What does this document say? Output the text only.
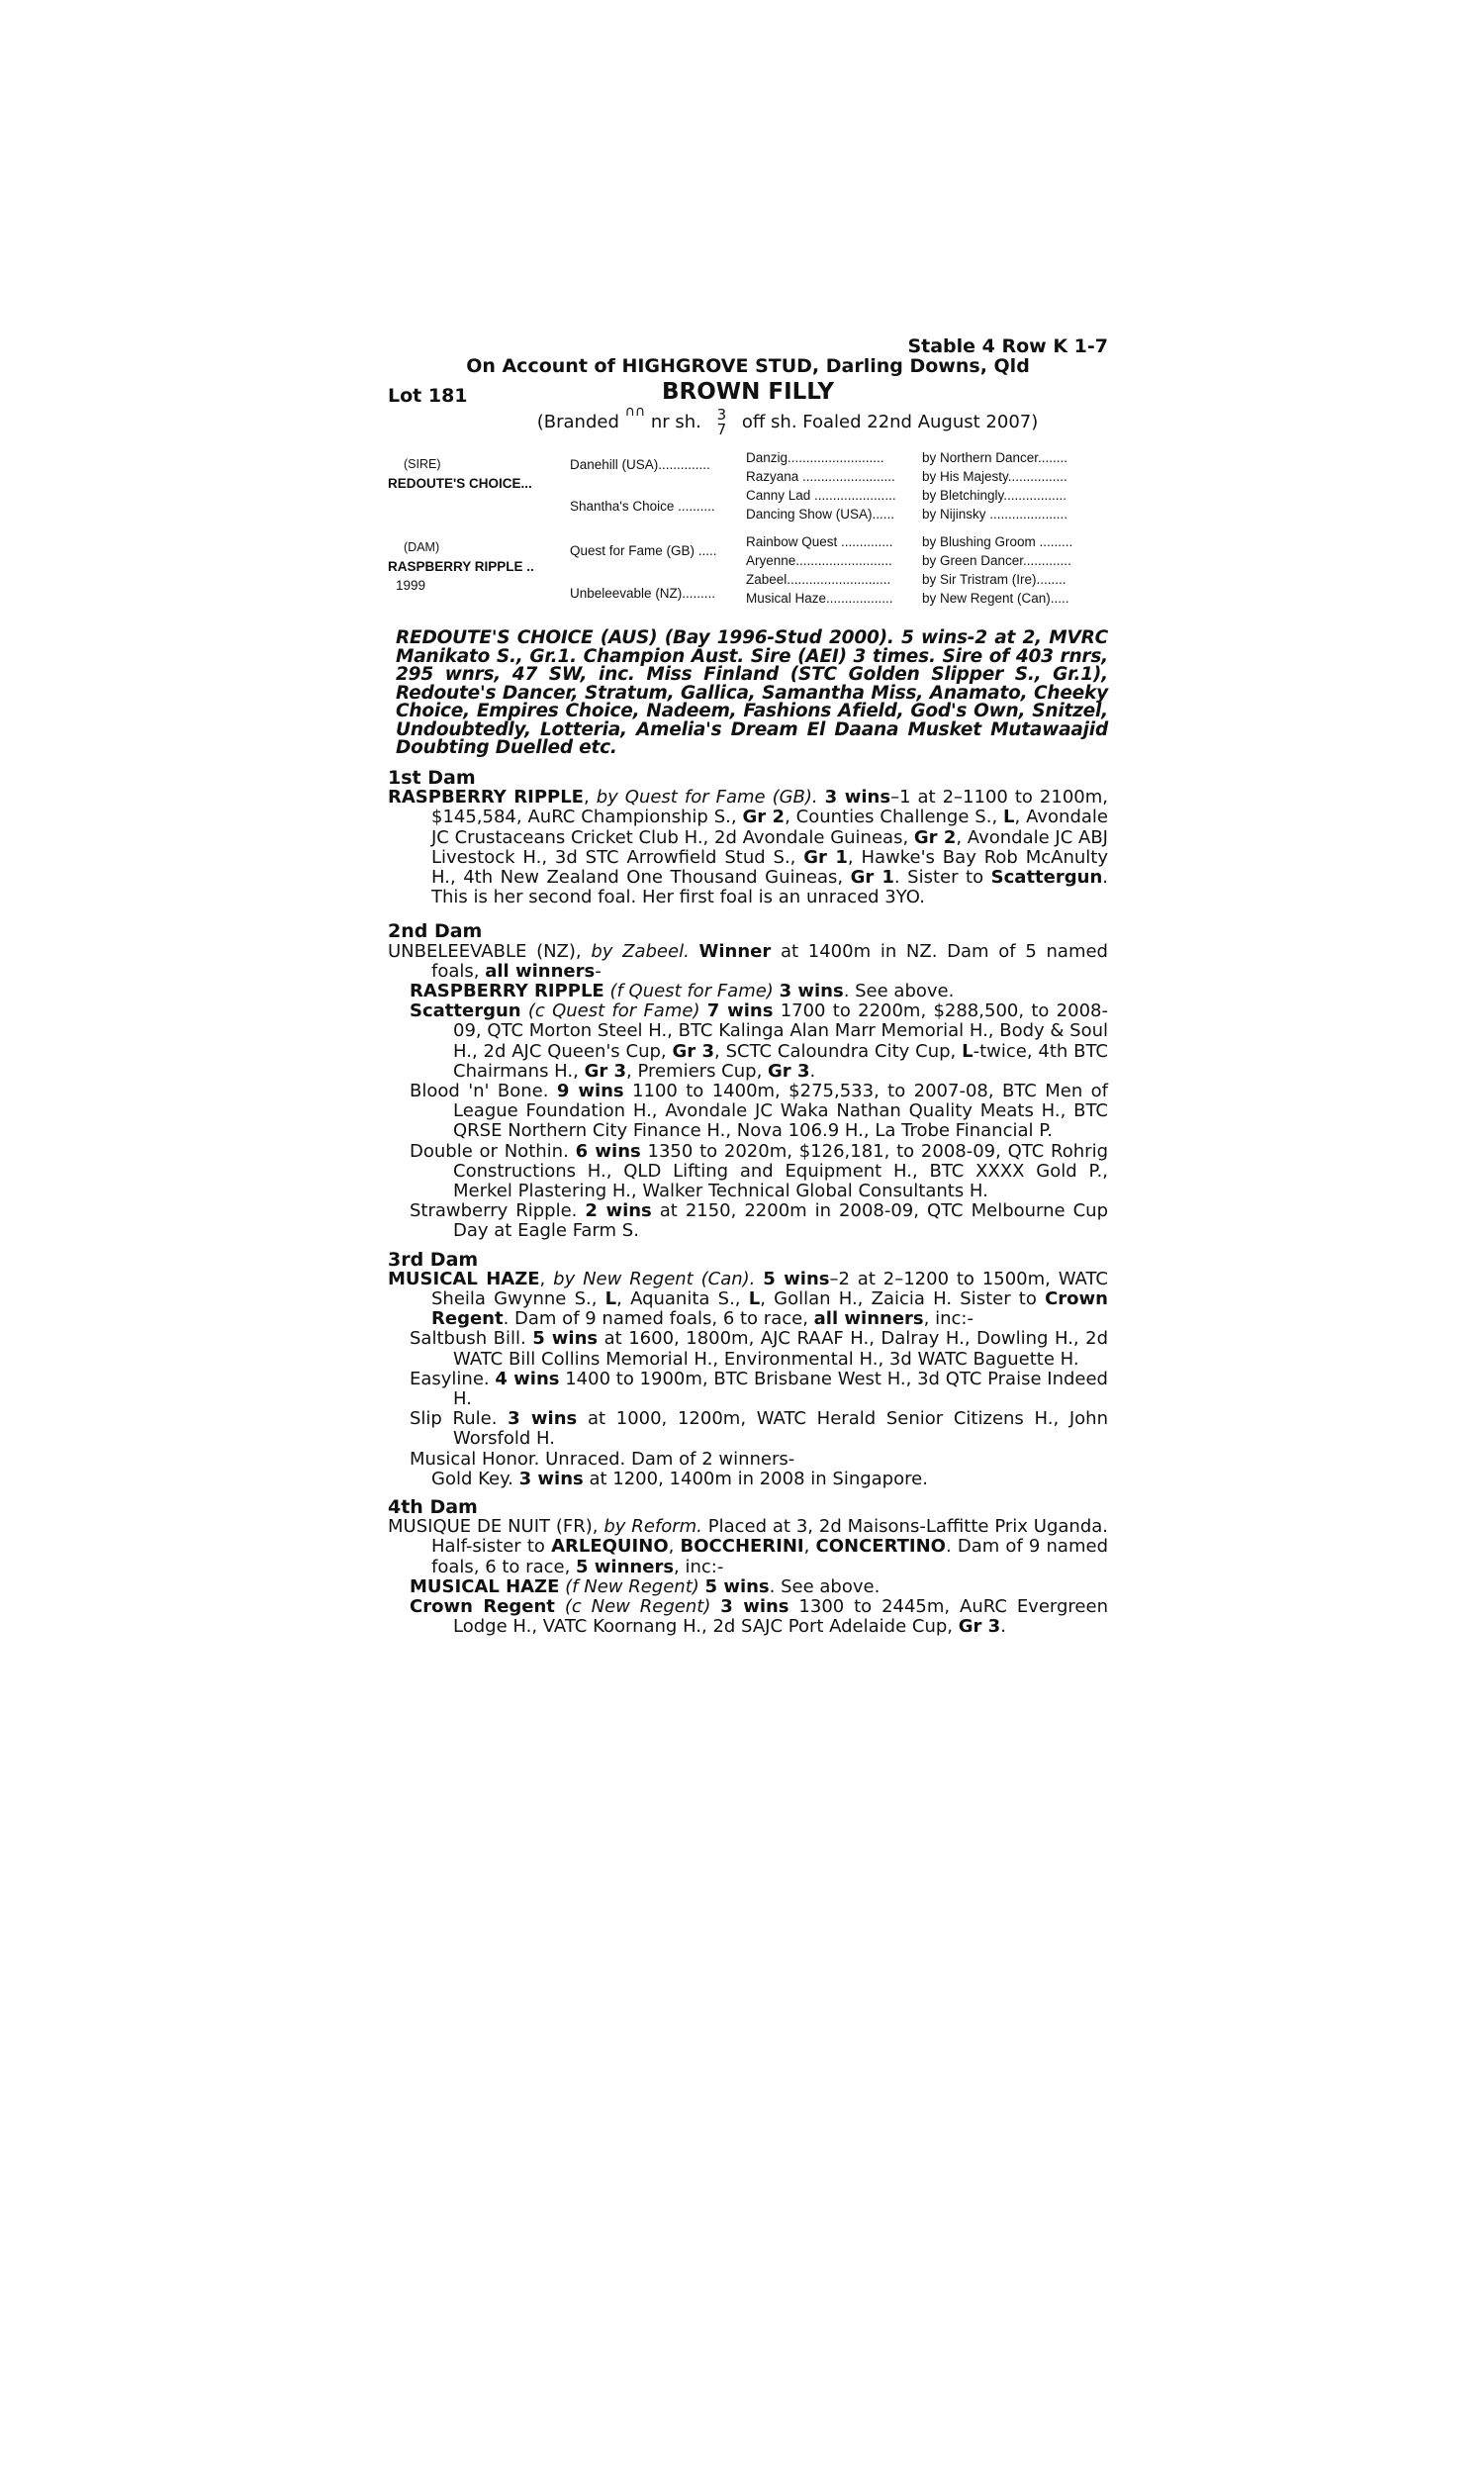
Stable 4 Row K 1-7
On Account of HIGHGROVE STUD, Darling Downs, Qld
Lot 181	BROWN FILLY
(Branded ∩∩ nr sh. 3
7 off sh. Foaled 22nd August 2007)
(SIRE)
REDOUTE'S CHOICE...
(DAM)
RASPBERRY RIPPLE ..
1999
Danehill (USA)..............
Shantha's Choice ..........
Quest for Fame (GB) .....
Unbeleevable (NZ).........
Danzig..........................
Razyana .........................
Canny Lad ......................
Dancing Show (USA)......
Rainbow Quest ..............
Aryenne..........................
Zabeel............................
Musical Haze..................
by Northern Dancer........
by His Majesty................
by Bletchingly.................
by Nijinsky .....................
by Blushing Groom .........
by Green Dancer.............
by Sir Tristram (Ire)........
by New Regent (Can).....
REDOUTE'S CHOICE (AUS) (Bay 1996-Stud 2000). 5 wins-2 at 2, MVRC Manikato S., Gr.1. Champion Aust. Sire (AEI) 3 times. Sire of 403 rnrs, 295 wnrs, 47 SW, inc. Miss Finland (STC Golden Slipper S., Gr.1), Redoute's Dancer, Stratum, Gallica, Samantha Miss, Anamato, Cheeky Choice, Empires Choice, Nadeem, Fashions Afield, God's Own, Snitzel, Undoubtedly, Lotteria, Amelia's Dream El Daana Musket Mutawaajid Doubting Duelled etc.
1st Dam
RASPBERRY RIPPLE, by Quest for Fame (GB). 3 wins–1 at 2–1100 to 2100m, $145,584, AuRC Championship S., Gr 2, Counties Challenge S., L, Avondale JC Crustaceans Cricket Club H., 2d Avondale Guineas, Gr 2, Avondale JC ABJ Livestock H., 3d STC Arrowfield Stud S., Gr 1, Hawke's Bay Rob McAnulty H., 4th New Zealand One Thousand Guineas, Gr 1. Sister to Scattergun. This is her second foal. Her first foal is an unraced 3YO.
2nd Dam
UNBELEEVABLE (NZ), by Zabeel. Winner at 1400m in NZ. Dam of 5 named foals, all winners-
RASPBERRY RIPPLE (f Quest for Fame) 3 wins. See above.
Scattergun (c Quest for Fame) 7 wins 1700 to 2200m, $288,500, to 2008-09, QTC Morton Steel H., BTC Kalinga Alan Marr Memorial H., Body & Soul H., 2d AJC Queen's Cup, Gr 3, SCTC Caloundra City Cup, L-twice, 4th BTC Chairmans H., Gr 3, Premiers Cup, Gr 3.
Blood 'n' Bone. 9 wins 1100 to 1400m, $275,533, to 2007-08, BTC Men of League Foundation H., Avondale JC Waka Nathan Quality Meats H., BTC QRSE Northern City Finance H., Nova 106.9 H., La Trobe Financial P.
Double or Nothin. 6 wins 1350 to 2020m, $126,181, to 2008-09, QTC Rohrig Constructions H., QLD Lifting and Equipment H., BTC XXXX Gold P., Merkel Plastering H., Walker Technical Global Consultants H.
Strawberry Ripple. 2 wins at 2150, 2200m in 2008-09, QTC Melbourne Cup Day at Eagle Farm S.
3rd Dam
MUSICAL HAZE, by New Regent (Can). 5 wins–2 at 2–1200 to 1500m, WATC Sheila Gwynne S., L, Aquanita S., L, Gollan H., Zaicia H. Sister to Crown Regent. Dam of 9 named foals, 6 to race, all winners, inc:-
Saltbush Bill. 5 wins at 1600, 1800m, AJC RAAF H., Dalray H., Dowling H., 2d WATC Bill Collins Memorial H., Environmental H., 3d WATC Baguette H.
Easyline. 4 wins 1400 to 1900m, BTC Brisbane West H., 3d QTC Praise Indeed H.
Slip Rule. 3 wins at 1000, 1200m, WATC Herald Senior Citizens H., John Worsfold H.
Musical Honor. Unraced. Dam of 2 winners-
Gold Key. 3 wins at 1200, 1400m in 2008 in Singapore.
4th Dam
MUSIQUE DE NUIT (FR), by Reform. Placed at 3, 2d Maisons-Laffitte Prix Uganda. Half-sister to ARLEQUINO, BOCCHERINI, CONCERTINO. Dam of 9 named foals, 6 to race, 5 winners, inc:-
MUSICAL HAZE (f New Regent) 5 wins. See above.
Crown Regent (c New Regent) 3 wins 1300 to 2445m, AuRC Evergreen Lodge H., VATC Koornang H., 2d SAJC Port Adelaide Cup, Gr 3.
